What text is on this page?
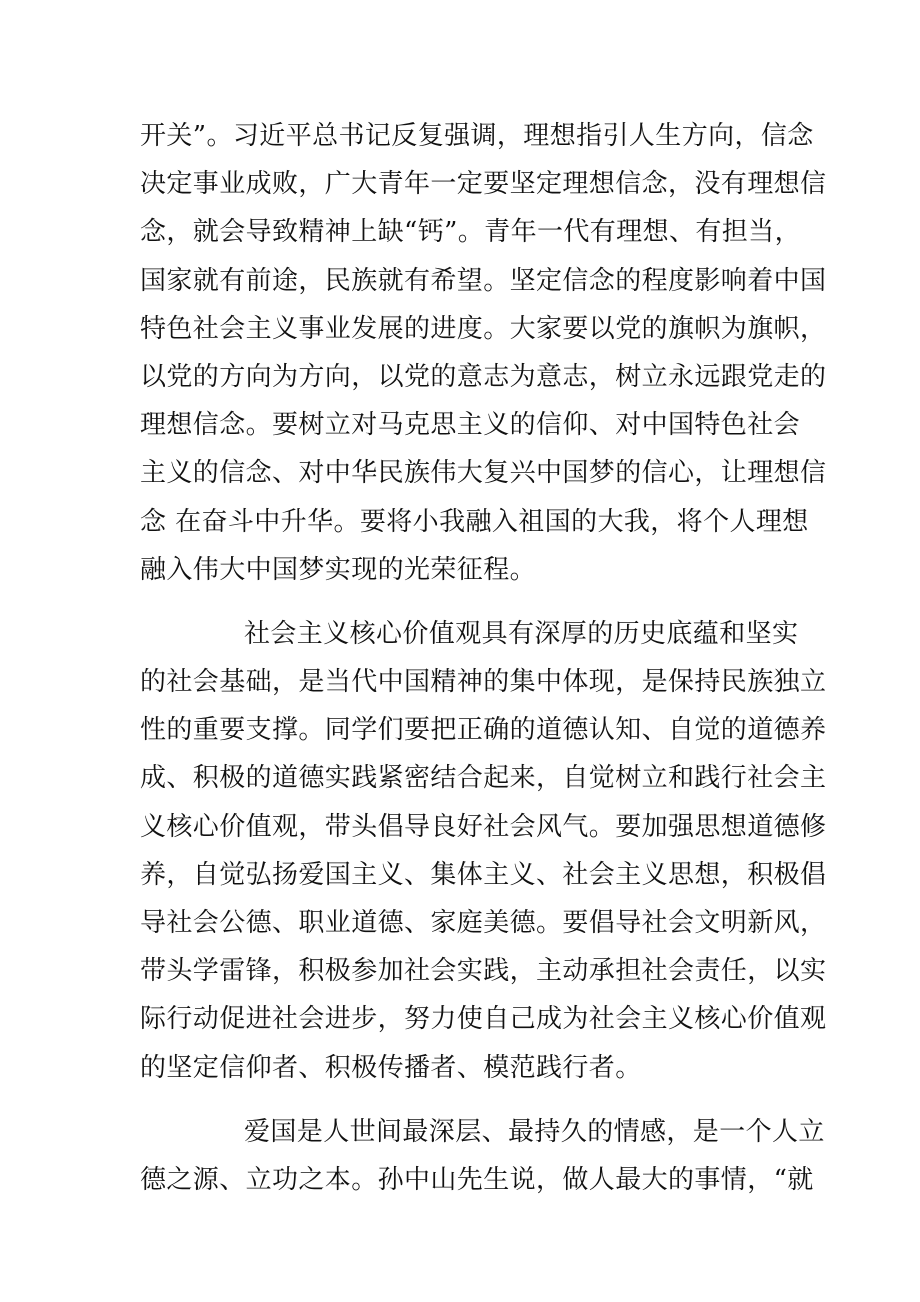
开关”。习近平总书记反复强调，理想指引人生方向，信念
决定事业成败，广大青年一定要坚定理想信念，没有理想信
念，就会导致精神上缺“钙”。青年一代有理想、有担当，
国家就有前途，民族就有希望。坚定信念的程度影响着中国
特色社会主义事业发展的进度。大家要以党的旗帜为旗帜，
以党的方向为方向，以党的意志为意志，树立永远跟党走的
理想信念。要树立对马克思主义的信仰、对中国特色社会
主义的信念、对中华民族伟大复兴中国梦的信心，让理想信
念 在奋斗中升华。要将小我融入祖国的大我，将个人理想
融入伟大中国梦实现的光荣征程。
社会主义核心价值观具有深厚的历史底蕴和坚实
的社会基础，是当代中国精神的集中体现，是保持民族独立
性的重要支撑。同学们要把正确的道德认知、自觉的道德养
成、积极的道德实践紧密结合起来，自觉树立和践行社会主
义核心价值观，带头倡导良好社会风气。要加强思想道德修
养，自觉弘扬爱国主义、集体主义、社会主义思想，积极倡
导社会公德、职业道德、家庭美德。要倡导社会文明新风，
带头学雷锋，积极参加社会实践，主动承担社会责任，以实
际行动促进社会进步，努力使自己成为社会主义核心价值观
的坚定信仰者、积极传播者、模范践行者。
爱国是人世间最深层、最持久的情感，是一个人立
德之源、立功之本。孙中山先生说，做人最大的事情，“就
